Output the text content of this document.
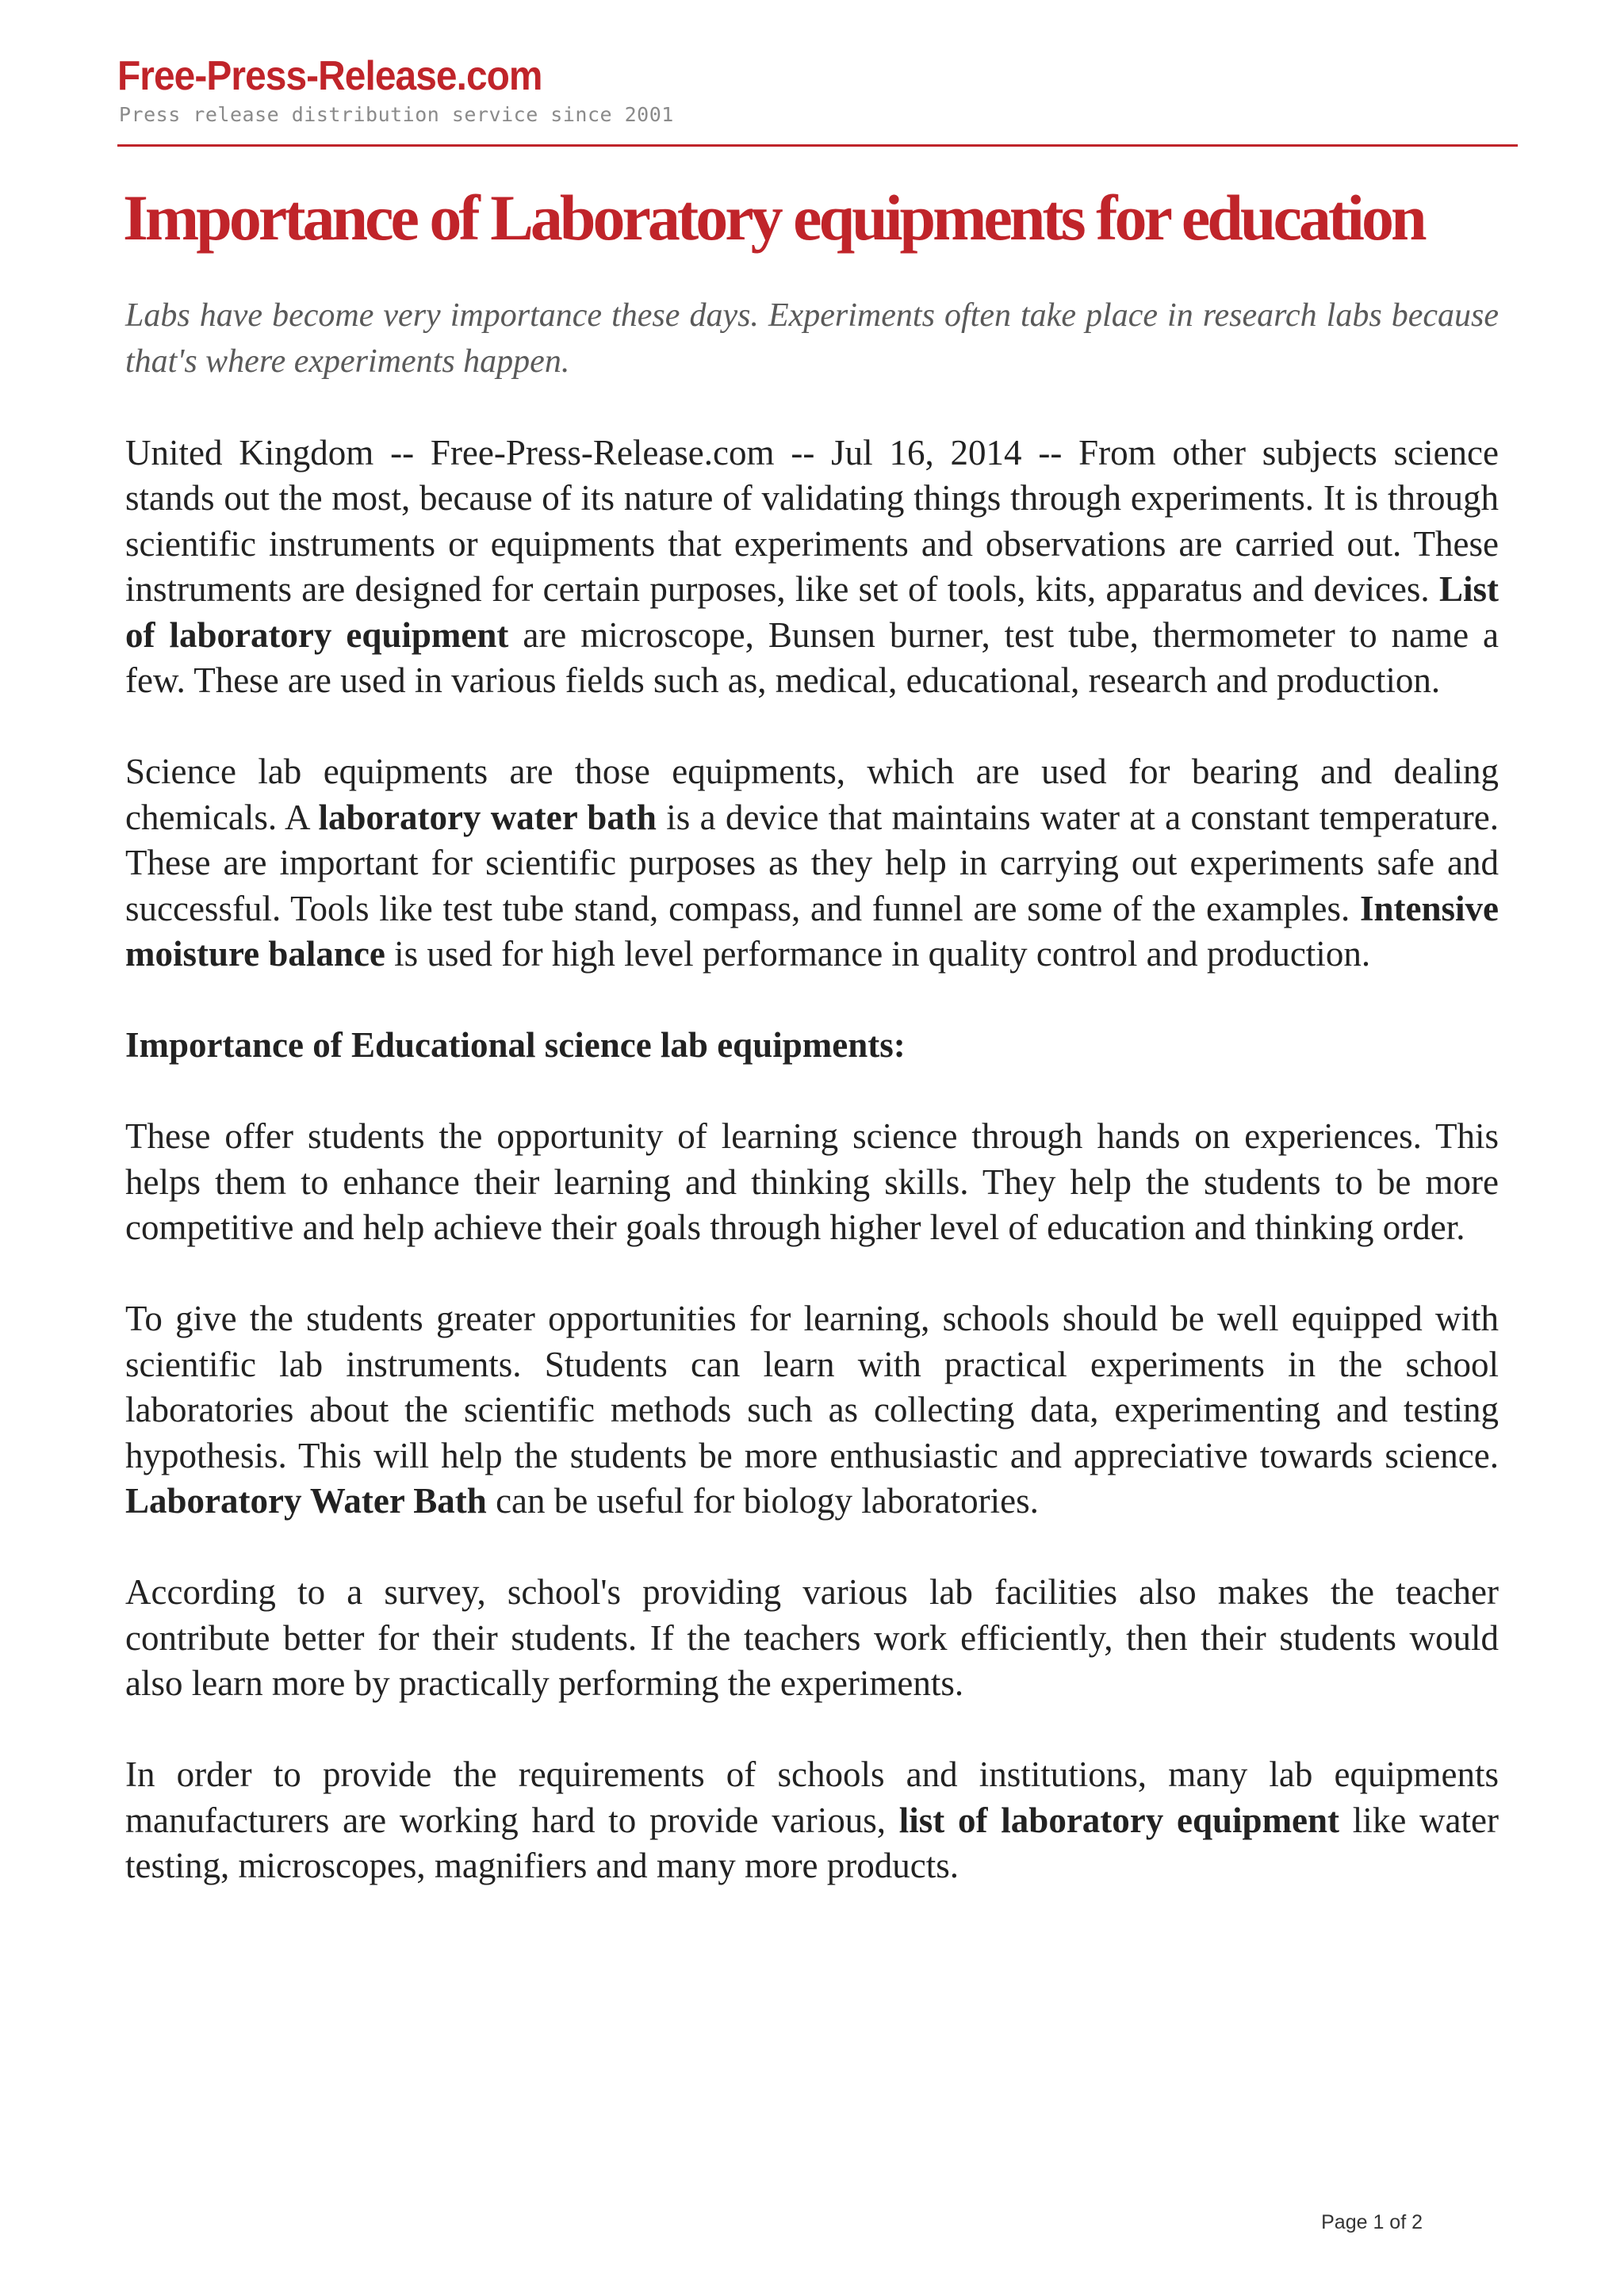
Free-Press-Release.com
Press release distribution service since 2001
Importance of Laboratory equipments for education

Labs have become very importance these days. Experiments often take place in research labs because that's where experiments happen.

United Kingdom -- Free-Press-Release.com -- Jul 16, 2014 -- From other subjects science stands out the most, because of its nature of validating things through experiments. It is through scientific instruments or equipments that experiments and observations are carried out. These instruments are designed for certain purposes, like set of tools, kits, apparatus and devices. List of laboratory equipment are microscope, Bunsen burner, test tube, thermometer to name a few. These are used in various fields such as, medical, educational, research and production.

Science lab equipments are those equipments, which are used for bearing and dealing chemicals. A laboratory water bath is a device that maintains water at a constant temperature. These are important for scientific purposes as they help in carrying out experiments safe and successful. Tools like test tube stand, compass, and funnel are some of the examples. Intensive moisture balance is used for high level performance in quality control and production.

Importance of Educational science lab equipments:

These offer students the opportunity of learning science through hands on experiences. This helps them to enhance their learning and thinking skills. They help the students to be more competitive and help achieve their goals through higher level of education and thinking order.

To give the students greater opportunities for learning, schools should be well equipped with scientific lab instruments. Students can learn with practical experiments in the school laboratories about the scientific methods such as collecting data, experimenting and testing hypothesis. This will help the students be more enthusiastic and appreciative towards science. Laboratory Water Bath can be useful for biology laboratories.

According to a survey, school's providing various lab facilities also makes the teacher contribute better for their students. If the teachers work efficiently, then their students would also learn more by practically performing the experiments.

In order to provide the requirements of schools and institutions, many lab equipments manufacturers are working hard to provide various, list of laboratory equipment like water testing, microscopes, magnifiers and many more products.

Page 1 of 2
